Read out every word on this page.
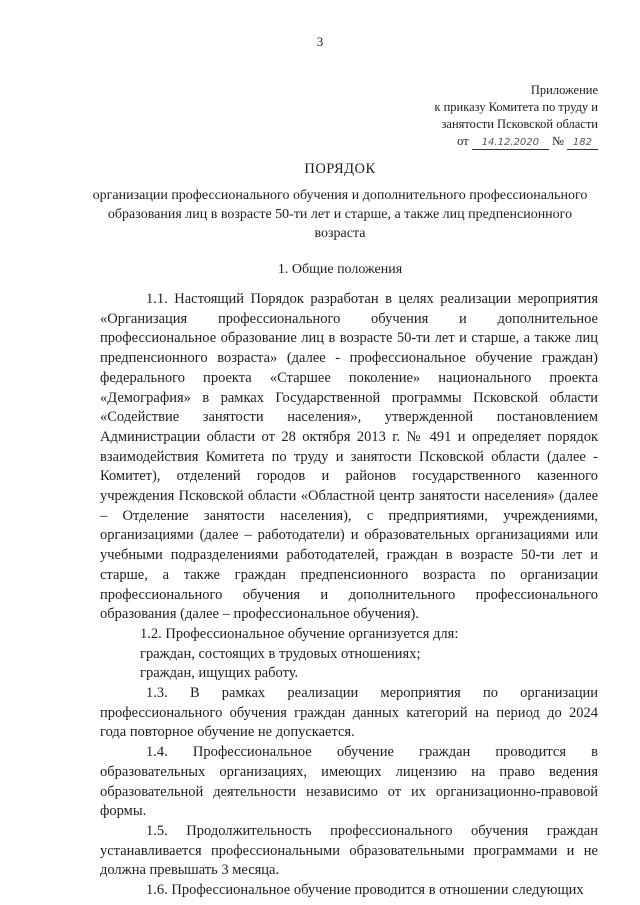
3
Приложение
к приказу Комитета по труду и
занятости Псковской области
от	14.12.2020	№ 182
ПОРЯДОК
организации профессионального обучения и дополнительного профессионального образования лиц в возрасте 50-ти лет и старше, а также лиц предпенсионного возраста
1. Общие положения

1.1. Настоящий Порядок разработан в целях реализации мероприятия «Организация профессионального обучения и дополнительное профессиональное образование лиц в возрасте 50-ти лет и старше, а также лиц предпенсионного возраста» (далее - профессиональное обучение граждан) федерального проекта «Старшее поколение» национального проекта «Демография» в рамках Государственной программы Псковской области «Содействие занятости населения», утвержденной постановлением Администрации области от 28 октября 2013 г. № 491 и определяет порядок взаимодействия Комитета по труду и занятости Псковской области (далее - Комитет), отделений городов и районов государственного казенного учреждения Псковской области «Областной центр занятости населения» (далее – Отделение занятости населения), с предприятиями, учреждениями, организациями (далее – работодатели) и образовательных организациями или учебными подразделениями работодателей, граждан в возрасте 50-ти лет и старше, а также граждан предпенсионного возраста по организации профессионального обучения и дополнительного профессионального образования (далее – профессиональное обучения).

1.2. Профессиональное обучение организуется для:

граждан, состоящих в трудовых отношениях;

граждан, ищущих работу.

1.3. В рамках реализации мероприятия по организации профессионального обучения граждан данных категорий на период до 2024 года повторное обучение не допускается.

1.4. Профессиональное обучение граждан проводится в образовательных организациях, имеющих лицензию на право ведения образовательной деятельности независимо от их организационно-правовой формы.

1.5. Продолжительность профессионального обучения граждан устанавливается профессиональными образовательными программами и не должна превышать 3 месяца.

1.6. Профессиональное обучение проводится в отношении следующих
